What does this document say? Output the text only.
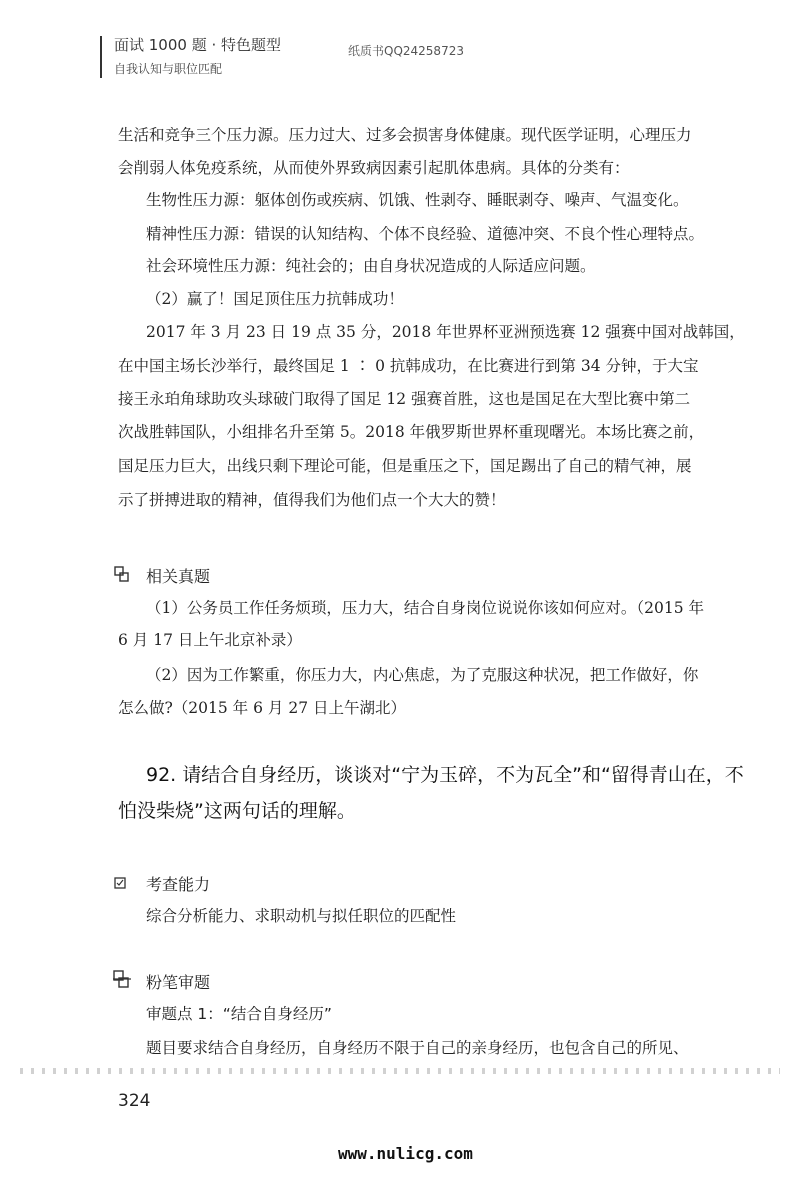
面试 1000 题 · 特色题型
自我认知与职位匹配
纸质书QQ24258723
生活和竞争三个压力源。压力过大、过多会损害身体健康。现代医学证明，心理压力
会削弱人体免疫系统，从而使外界致病因素引起肌体患病。具体的分类有：
生物性压力源：躯体创伤或疾病、饥饿、性剥夺、睡眠剥夺、噪声、气温变化。
精神性压力源：错误的认知结构、个体不良经验、道德冲突、不良个性心理特点。
社会环境性压力源：纯社会的；由自身状况造成的人际适应问题。
（2）赢了！国足顶住压力抗韩成功！
2017 年 3 月 23 日 19 点 35 分，2018 年世界杯亚洲预选赛 12 强赛中国对战韩国，
在中国主场长沙举行，最终国足 1 ∶ 0 抗韩成功，在比赛进行到第 34 分钟，于大宝
接王永珀角球助攻头球破门取得了国足 12 强赛首胜，这也是国足在大型比赛中第二
次战胜韩国队，小组排名升至第 5。2018 年俄罗斯世界杯重现曙光。本场比赛之前，
国足压力巨大，出线只剩下理论可能，但是重压之下，国足踢出了自己的精气神，展
示了拼搏进取的精神，值得我们为他们点一个大大的赞！
相关真题
（1）公务员工作任务烦琐，压力大，结合自身岗位说说你该如何应对。（2015 年
6 月 17 日上午北京补录）
（2）因为工作繁重，你压力大，内心焦虑，为了克服这种状况，把工作做好，你
怎么做?（2015 年 6 月 27 日上午湖北）
92. 请结合自身经历，谈谈对“宁为玉碎，不为瓦全”和“留得青山在，不
怕没柴烧”这两句话的理解。
考查能力
综合分析能力、求职动机与拟任职位的匹配性
粉笔审题
审题点 1：“结合自身经历”
题目要求结合自身经历，自身经历不限于自己的亲身经历，也包含自己的所见、
324
www.nulicg.com
